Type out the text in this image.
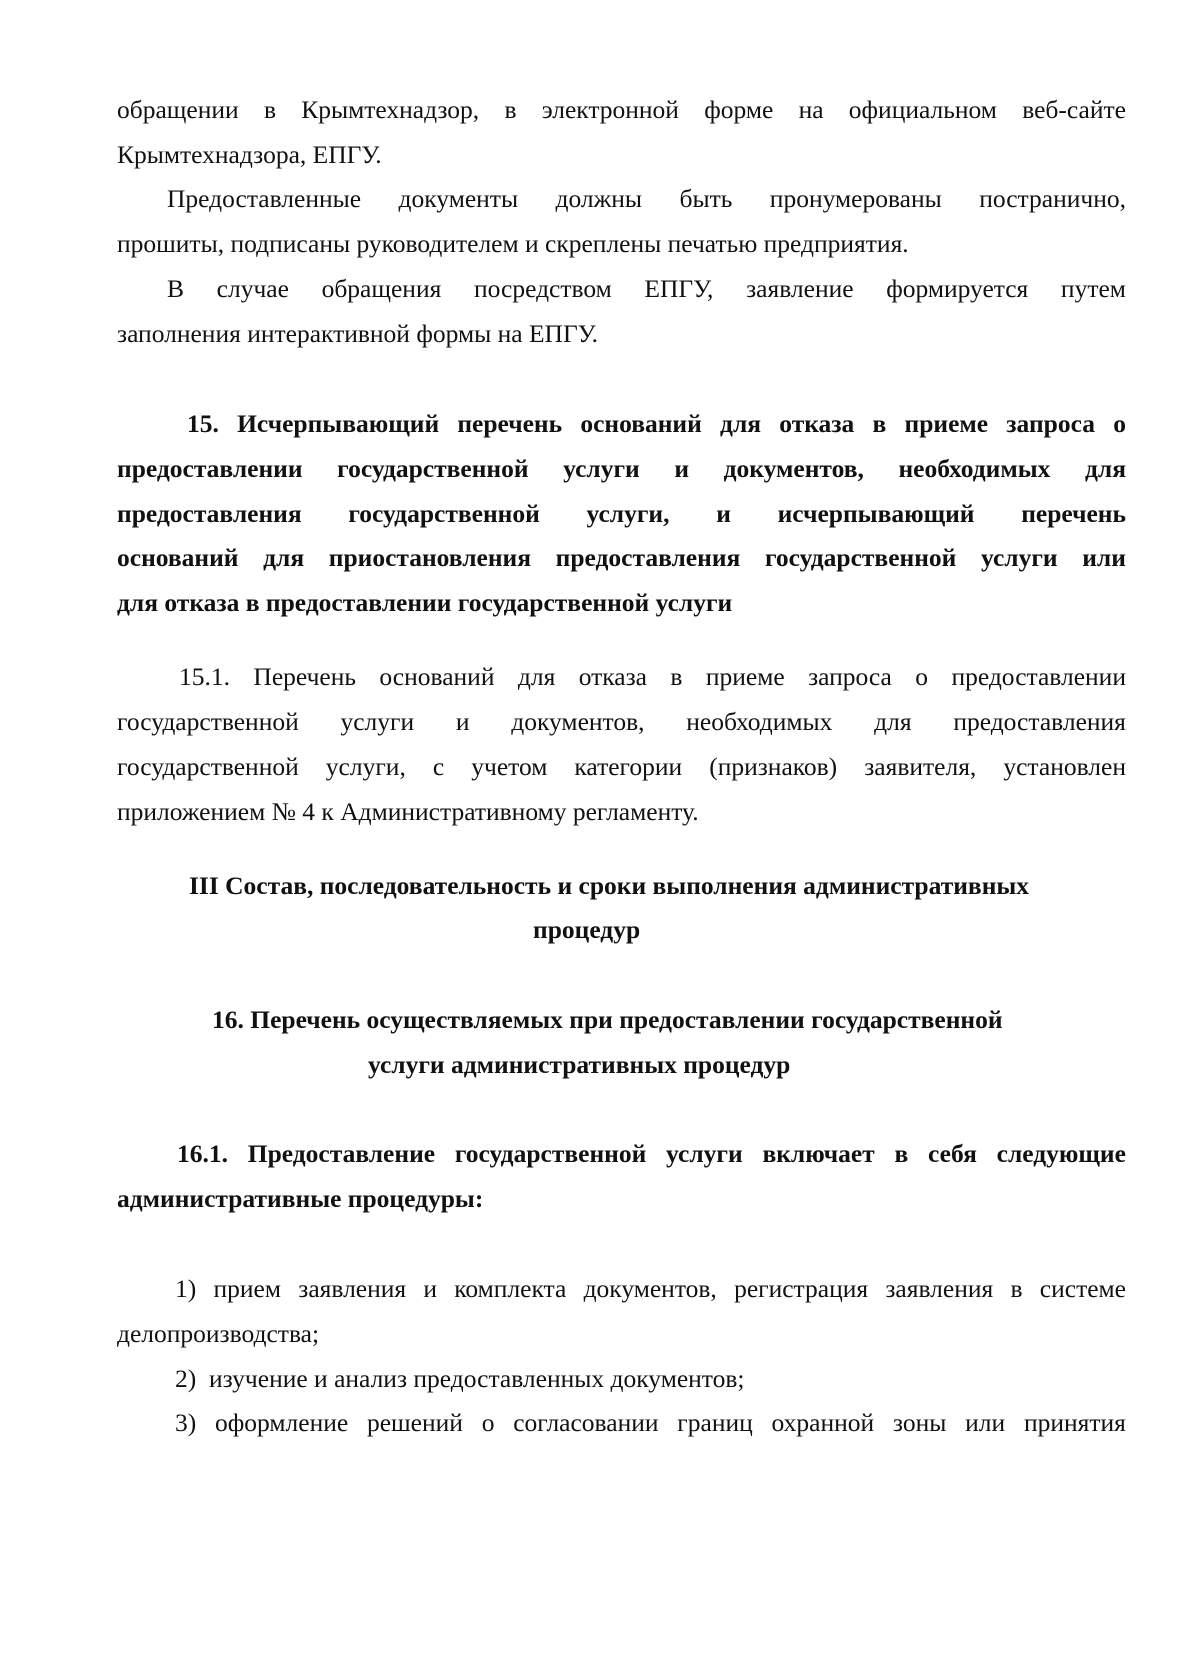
обращении в Крымтехнадзор, в электронной форме на официальном веб-сайте

Крымтехнадзора, ЕПГУ.

Предоставленные документы должны быть пронумерованы постранично,

прошиты, подписаны руководителем и скреплены печатью предприятия.

В случае обращения посредством ЕПГУ, заявление формируется путем

заполнения интерактивной формы на ЕПГУ.

15. Исчерпывающий перечень оснований для отказа в приеме запроса о

предоставлении государственной услуги и документов, необходимых для

предоставления государственной услуги, и исчерпывающий перечень

оснований для приостановления предоставления государственной услуги или

для отказа в предоставлении государственной услуги

15.1. Перечень оснований для отказа в приеме запроса о предоставлении

государственной услуги и документов, необходимых для предоставления

государственной услуги, с учетом категории (признаков) заявителя, установлен

приложением № 4 к Административному регламенту.

III Состав, последовательность и сроки выполнения административных

процедур

16. Перечень осуществляемых при предоставлении государственной

услуги административных процедур

16.1. Предоставление государственной услуги включает в себя следующие

административные процедуры:

1) прием заявления и комплекта документов, регистрация заявления в системе

делопроизводства;

2)  изучение и анализ предоставленных документов;

3) оформление решений о согласовании границ охранной зоны или принятия
